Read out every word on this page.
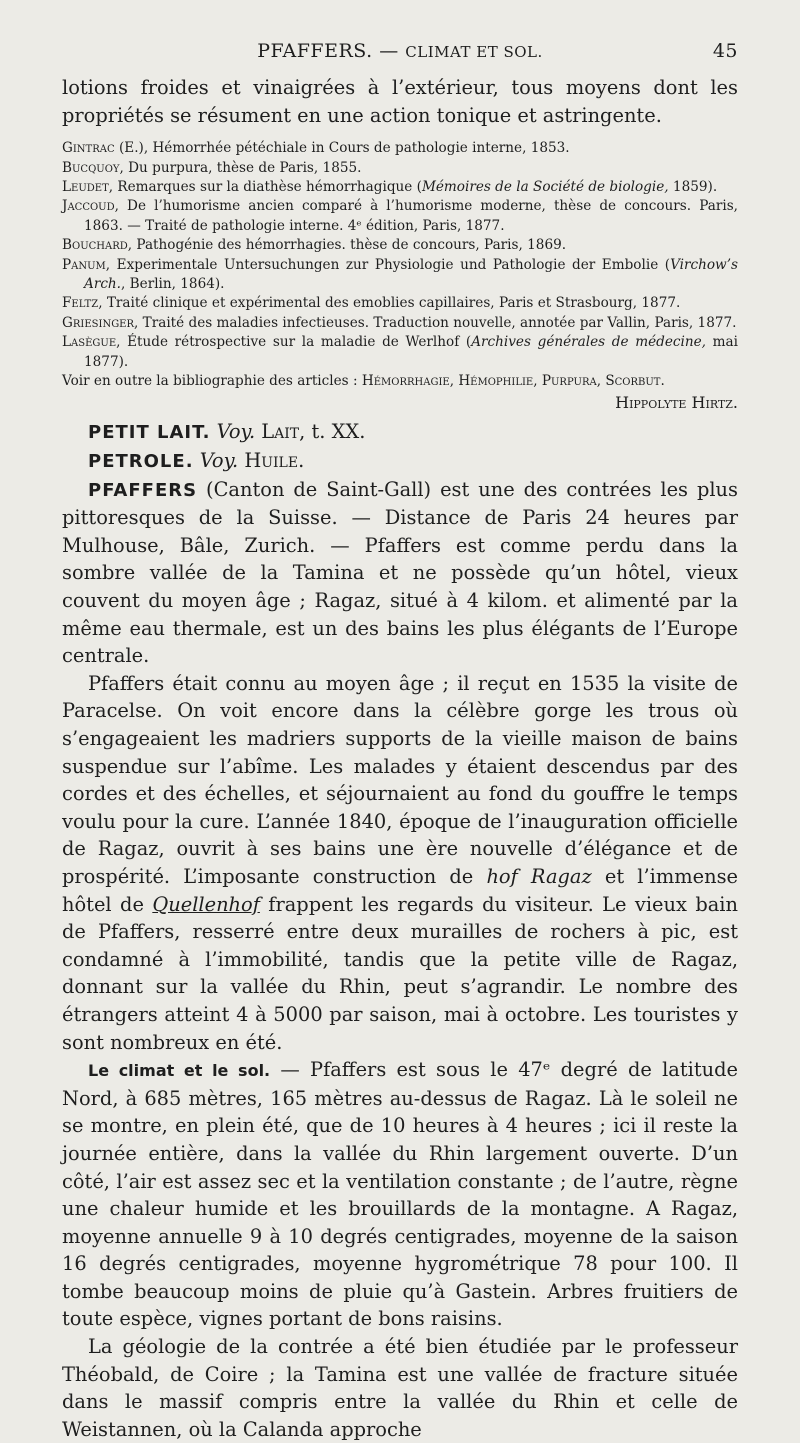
PFAFFERS. — CLIMAT ET SOL.	45

lotions froides et vinaigrées à l’extérieur, tous moyens dont les propriétés se résument en une action tonique et astringente.

Gintrac (E.), Hémorrhée pétéchiale in Cours de pathologie interne, 1853.
Bucquoy, Du purpura, thèse de Paris, 1855.
Leudet, Remarques sur la diathèse hémorrhagique (Mémoires de la Société de biologie, 1859).
Jaccoud, De l’humorisme ancien comparé à l’humorisme moderne, thèse de concours. Paris, 1863. — Traité de pathologie interne. 4ᵉ édition, Paris, 1877.
Bouchard, Pathogénie des hémorrhagies. thèse de concours, Paris, 1869.
Panum, Experimentale Untersuchungen zur Physiologie und Pathologie der Embolie (Virchow’s Arch., Berlin, 1864).
Feltz, Traité clinique et expérimental des emoblies capillaires, Paris et Strasbourg, 1877.
Griesinger, Traité des maladies infectieuses. Traduction nouvelle, annotée par Vallin, Paris, 1877.
Lasègue, Étude rétrospective sur la maladie de Werlhof (Archives générales de médecine, mai 1877).
Voir en outre la bibliographie des articles : Hémorrhagie, Hémophilie, Purpura, Scorbut.
Hippolyte Hirtz.

PETIT LAIT. Voy. Lait, t. XX.

PETROLE. Voy. Huile.

PFAFFERS (Canton de Saint-Gall) est une des contrées les plus pittoresques de la Suisse. — Distance de Paris 24 heures par Mulhouse, Bâle, Zurich. — Pfaffers est comme perdu dans la sombre vallée de la Tamina et ne possède qu’un hôtel, vieux couvent du moyen âge ; Ragaz, situé à 4 kilom. et alimenté par la même eau thermale, est un des bains les plus élégants de l’Europe centrale.

Pfaffers était connu au moyen âge ; il reçut en 1535 la visite de Paracelse. On voit encore dans la célèbre gorge les trous où s’engageaient les madriers supports de la vieille maison de bains suspendue sur l’abîme. Les malades y étaient descendus par des cordes et des échelles, et séjournaient au fond du gouffre le temps voulu pour la cure. L’année 1840, époque de l’inauguration officielle de Ragaz, ouvrit à ses bains une ère nouvelle d’élégance et de prospérité. L’imposante construction de hof Ragaz et l’immense hôtel de Quellenhof frappent les regards du visiteur. Le vieux bain de Pfaffers, resserré entre deux murailles de rochers à pic, est condamné à l’immobilité, tandis que la petite ville de Ragaz, donnant sur la vallée du Rhin, peut s’agrandir. Le nombre des étrangers atteint 4 à 5000 par saison, mai à octobre. Les touristes y sont nombreux en été.

Le climat et le sol. — Pfaffers est sous le 47ᵉ degré de latitude Nord, à 685 mètres, 165 mètres au-dessus de Ragaz. Là le soleil ne se montre, en plein été, que de 10 heures à 4 heures ; ici il reste la journée entière, dans la vallée du Rhin largement ouverte. D’un côté, l’air est assez sec et la ventilation constante ; de l’autre, règne une chaleur humide et les brouillards de la montagne. A Ragaz, moyenne annuelle 9 à 10 degrés centigrades, moyenne de la saison 16 degrés centigrades, moyenne hygrométrique 78 pour 100. Il tombe beaucoup moins de pluie qu’à Gastein. Arbres fruitiers de toute espèce, vignes portant de bons raisins.

La géologie de la contrée a été bien étudiée par le professeur Théobald, de Coire ; la Tamina est une vallée de fracture située dans le massif compris entre la vallée du Rhin et celle de Weistannen, où la Calanda approche
